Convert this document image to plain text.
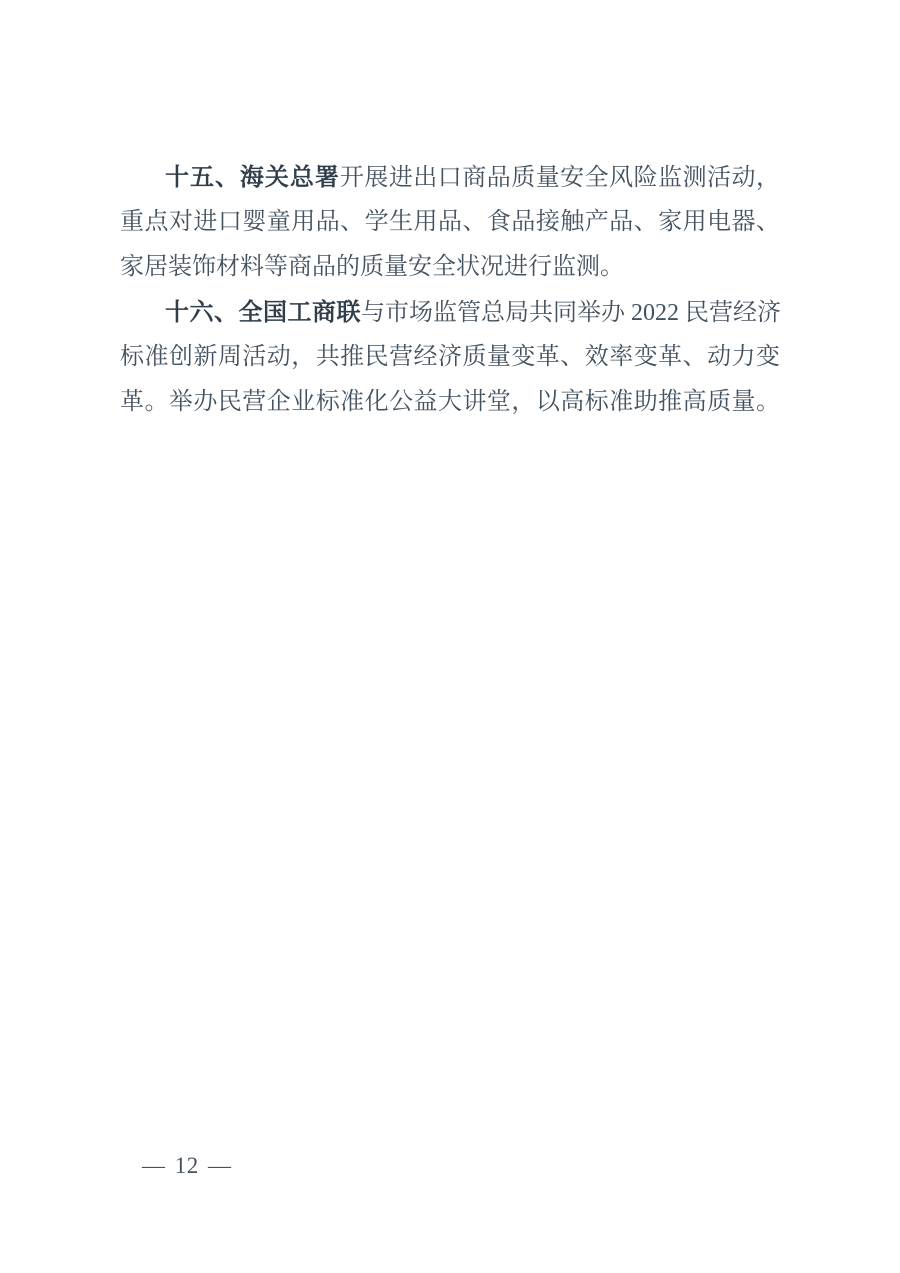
十五、海关总署开展进出口商品质量安全风险监测活动，
重点对进口婴童用品、学生用品、食品接触产品、家用电器、
家居装饰材料等商品的质量安全状况进行监测。
十六、全国工商联与市场监管总局共同举办 2022 民营经济
标准创新周活动，共推民营经济质量变革、效率变革、动力变
革。举办民营企业标准化公益大讲堂，以高标准助推高质量。
— 12 —
